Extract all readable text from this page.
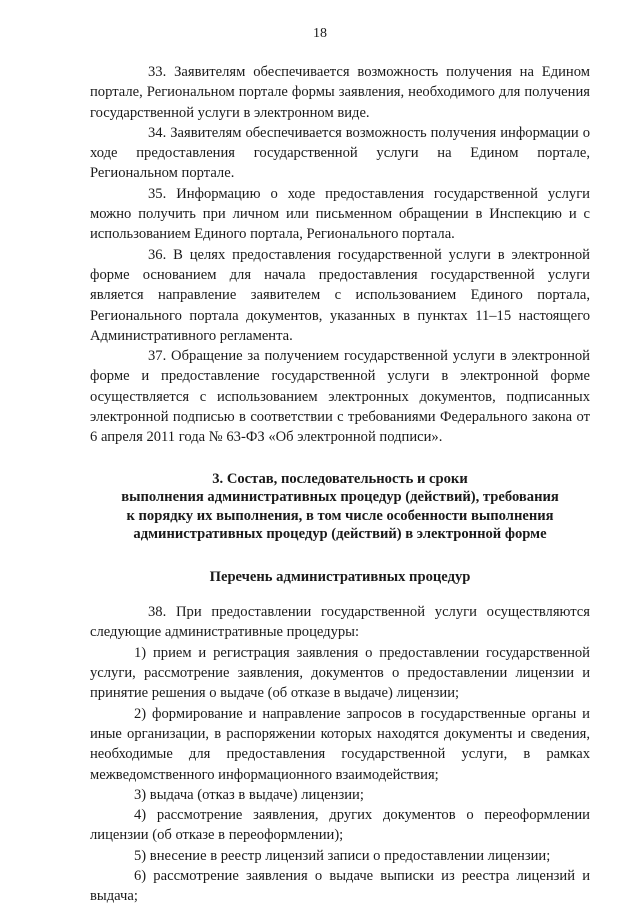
18

33. Заявителям обеспечивается возможность получения на Едином портале, Региональном портале формы заявления, необходимого для получения государственной услуги в электронном виде.

34. Заявителям обеспечивается возможность получения информации о ходе предоставления государственной услуги на Едином портале, Региональном портале.

35. Информацию о ходе предоставления государственной услуги можно получить при личном или письменном обращении в Инспекцию и с использованием Единого портала, Регионального портала.

36. В целях предоставления государственной услуги в электронной форме основанием для начала предоставления государственной услуги является направление заявителем с использованием Единого портала, Регионального портала документов, указанных в пунктах 11–15 настоящего Административного регламента.

37. Обращение за получением государственной услуги в электронной форме и предоставление государственной услуги в электронной форме осуществляется с использованием электронных документов, подписанных электронной подписью в соответствии с требованиями Федерального закона от 6 апреля 2011 года № 63-ФЗ «Об электронной подписи».

3. Состав, последовательность и сроки

выполнения административных процедур (действий), требования

к порядку их выполнения, в том числе особенности выполнения

административных процедур (действий) в электронной форме

Перечень административных процедур

38. При предоставлении государственной услуги осуществляются следующие административные процедуры:

1) прием и регистрация заявления о предоставлении государственной услуги, рассмотрение заявления, документов о предоставлении лицензии и принятие решения о выдаче (об отказе в выдаче) лицензии;

2) формирование и направление запросов в государственные органы и иные организации, в распоряжении которых находятся документы и сведения, необходимые для предоставления государственной услуги, в рамках межведомственного информационного взаимодействия;

3) выдача (отказ в выдаче) лицензии;

4) рассмотрение заявления, других документов о переоформлении лицензии (об отказе в переоформлении);

5) внесение в реестр лицензий записи о предоставлении лицензии;

6) рассмотрение заявления о выдаче выписки из реестра лицензий и выдача;
